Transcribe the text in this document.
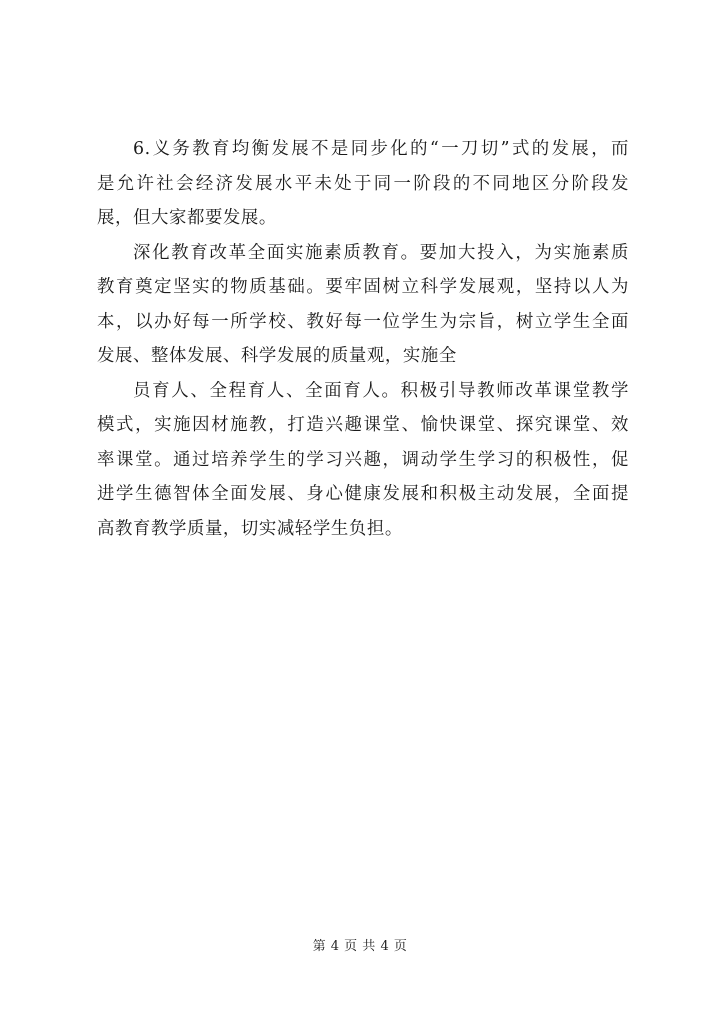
6.义务教育均衡发展不是同步化的“一刀切”式的发展，而
是允许社会经济发展水平未处于同一阶段的不同地区分阶段发
展，但大家都要发展。
深化教育改革全面实施素质教育。要加大投入，为实施素质
教育奠定坚实的物质基础。要牢固树立科学发展观，坚持以人为
本，以办好每一所学校、教好每一位学生为宗旨，树立学生全面
发展、整体发展、科学发展的质量观，实施全
员育人、全程育人、全面育人。积极引导教师改革课堂教学
模式，实施因材施教，打造兴趣课堂、愉快课堂、探究课堂、效
率课堂。通过培养学生的学习兴趣，调动学生学习的积极性，促
进学生德智体全面发展、身心健康发展和积极主动发展，全面提
高教育教学质量，切实减轻学生负担。
第 4 页 共 4 页
